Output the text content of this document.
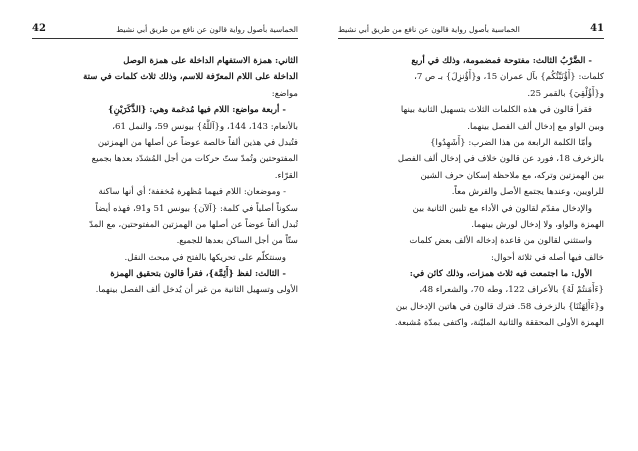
42	الخماسية بأصول رواية قالون عن نافع من طريق أبي نشيط
الثاني: همزة الاستفهام الداخلة على همزة الوصل
الداخلة على اللام المعرّفة للاسم، وذلك ثلاث كلمات في ستة
مواضع:
- أربعة مواضع: اللام فيها مُدغمة وهي: {الذَّكَرَيْنِ}
بالأنعام: 143، 144، و{آللَّهُ} بيونس 59، والنمل 61،
فتُبدل في هذين ألفاً خالصة عوضاً عن أصلها من الهمزتين
المفتوحتين وتُمدّ ستّ حركات من أجل المُشدّد بعدها بجميع
القرّاء.
- وموضعان: اللام فيهما مُظهرة مُخففة؛ أي أنها ساكنة
سكوناً أصلياً في كلمة: {آلآن} بيونس 51 و91، فهذه أيضاً
تُبدل ألفاً عوضاً عن أصلها من الهمزتين المفتوحتين، مع المدّ
ستّاً من أجل الساكن بعدها للجميع.
وسنتكلّم على تحريكها بالفتح في مبحث النقل.
- الثالث: لفظ {أَئِمَّة}، فقرأ قالون بتحقيق الهمزة
الأولى وتسهيل الثانية من غير أن يُدخل ألف الفصل بينهما.
41
الخماسية بأصول رواية قالون عن نافع من طريق أبي نشيط
- الضَّرْبُ الثالث: مفتوحة فمضمومة، وذلك في أربع
كلمات: {أَؤُنَبِّئُكُم} بآل عمران 15، و{أَؤُنزِلَ} بـ ص 7،
و{أَؤُلْقِيَ} بالقمر 25.
فقرأ قالون في هذه الكلمات الثلاث بتسهيل الثانية بينها
وبين الواو مع إدخال ألف الفصل بينهما.
وأمّا الكلمة الرابعة من هذا الضرب: {أَشَهِدُوا}
بالزخرف 18، فورد عن قالون خلاف في إدخال ألف الفصل
بين الهمزتين وتركه، مع ملاحظة إسكان حرف الشين
للراويين، وعندها يجتمع الأصل والفرش معاً.
والإدخال مقدّم لقالون في الأداء مع تليين الثانية بين
الهمزة والواو، ولا إدخال لورش بينهما.
واستثني لقالون من قاعدة إدخاله الألف بعض كلمات
خالف فيها أصله في ثلاثة أحوال:
الأول: ما اجتمعت فيه ثلاث همزات، وذلك كائن في:
{ءَأَمَنتُمْ لَهُ} بالأعراف 122، وطه 70، والشعراء 48،
و{ءَأَلِهَتُنَا} بالزخرف 58. فترك قالون في هاتين الإدخال بين
الهمزة الأولى المحققة والثانية المليّنة، واكتفى بمدّة مُشبعة.
